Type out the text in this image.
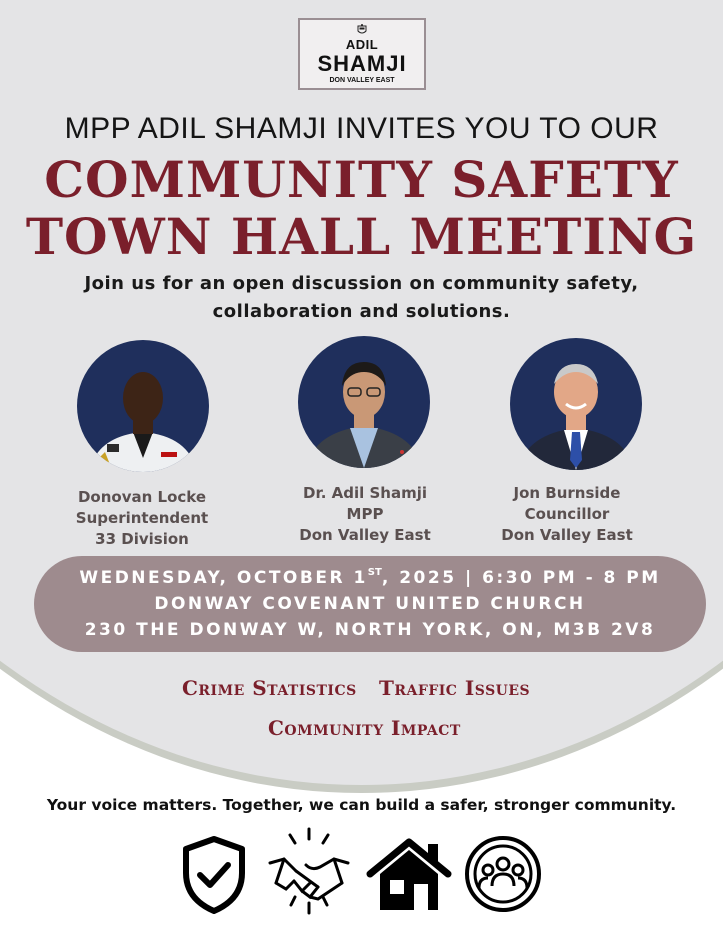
ADIL
SHAMJI
DON VALLEY EAST
MPP ADIL SHAMJI INVITES YOU TO OUR
COMMUNITY SAFETY
TOWN HALL MEETING
Join us for an open discussion on community safety,
collaboration and solutions.
Donovan Locke
Superintendent
33 Division
Dr. Adil Shamji
MPP
Don Valley East
Jon Burnside
Councillor
Don Valley East
WEDNESDAY, OCTOBER 1ST, 2025 | 6:30 PM - 8 PM
DONWAY COVENANT UNITED CHURCH
230 THE DONWAY W, NORTH YORK, ON, M3B 2V8
Crime Statistics Traffic Issues
Community Impact
Your voice matters. Together, we can build a safer, stronger community.
